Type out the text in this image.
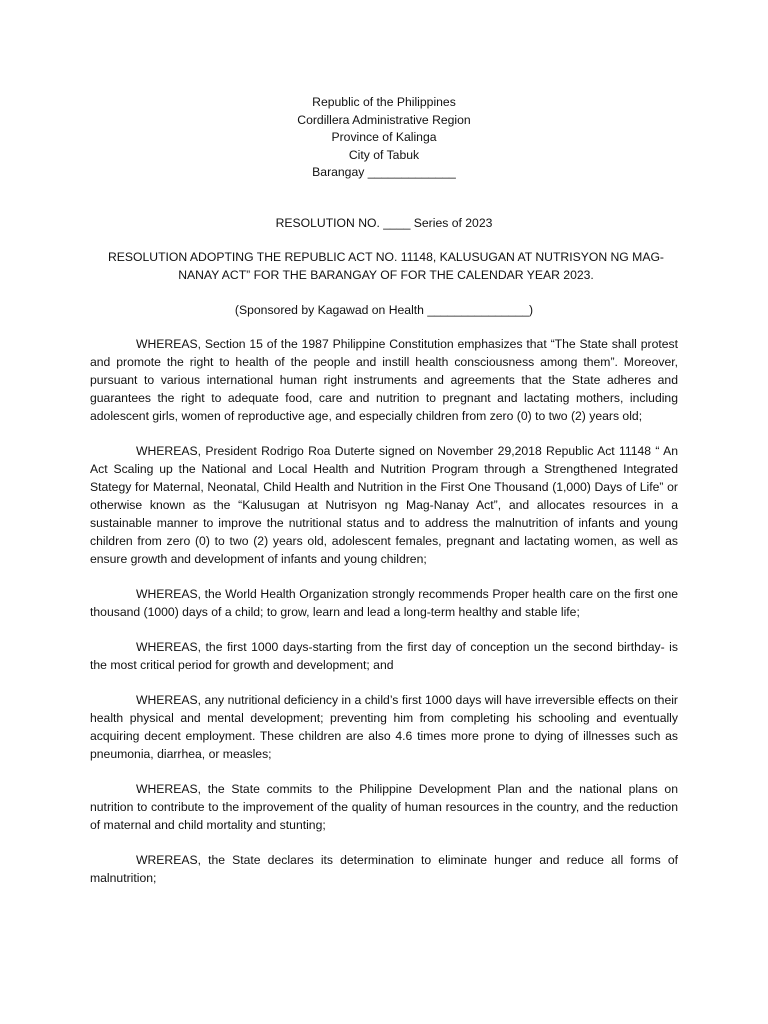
Republic of the Philippines
Cordillera Administrative Region
Province of Kalinga
City of Tabuk
Barangay _____________
RESOLUTION NO. ____ Series of 2023
RESOLUTION ADOPTING THE REPUBLIC ACT NO. 11148, KALUSUGAN AT NUTRISYON NG MAG-NANAY ACT” FOR THE BARANGAY OF FOR THE CALENDAR YEAR 2023.
(Sponsored by Kagawad on Health _______________)

WHEREAS, Section 15 of the 1987 Philippine Constitution emphasizes that “The State shall protest and promote the right to health of the people and instill health consciousness among them”. Moreover, pursuant to various international human right instruments and agreements that the State adheres and guarantees the right to adequate food, care and nutrition to pregnant and lactating mothers, including adolescent girls, women of reproductive age, and especially children from zero (0) to two (2) years old;

WHEREAS, President Rodrigo Roa Duterte signed on November 29,2018 Republic Act 11148 “ An Act Scaling up the National and Local Health and Nutrition Program through a Strengthened Integrated Stategy for Maternal, Neonatal, Child Health and Nutrition in the First One Thousand (1,000) Days of Life” or otherwise known as the “Kalusugan at Nutrisyon ng Mag-Nanay Act”, and allocates resources in a sustainable manner to improve the nutritional status and to address the malnutrition of infants and young children from zero (0) to two (2) years old, adolescent females, pregnant and lactating women, as well as ensure growth and development of infants and young children;

WHEREAS, the World Health Organization strongly recommends Proper health care on the first one thousand (1000) days of a child; to grow, learn and lead a long-term healthy and stable life;

WHEREAS, the first 1000 days-starting from the first day of conception un the second birthday- is the most critical period for growth and development; and

WHEREAS, any nutritional deficiency in a child’s first 1000 days will have irreversible effects on their health physical and mental development; preventing him from completing his schooling and eventually acquiring decent employment. These children are also 4.6 times more prone to dying of illnesses such as pneumonia, diarrhea, or measles;

WHEREAS, the State commits to the Philippine Development Plan and the national plans on nutrition to contribute to the improvement of the quality of human resources in the country, and the reduction of maternal and child mortality and stunting;

WREREAS, the State declares its determination to eliminate hunger and reduce all forms of malnutrition;
